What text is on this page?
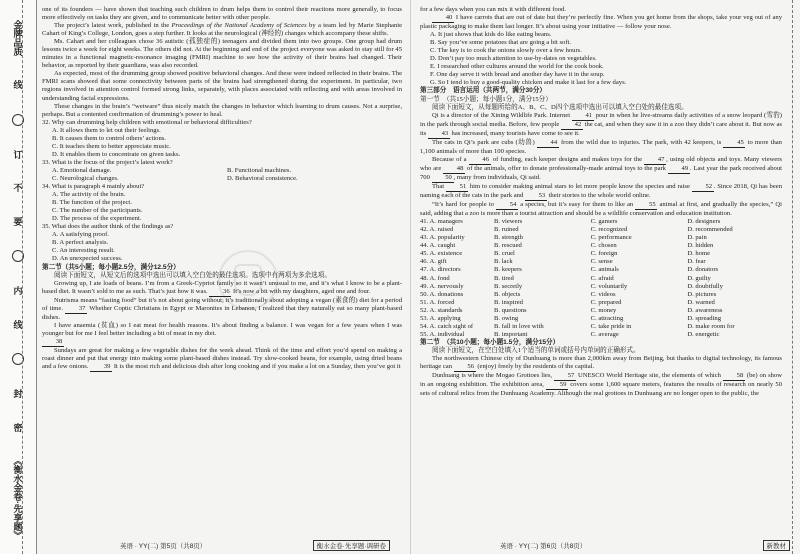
金牌品质
线
订
不
要
内
线
封
密
《衡水金卷·先享题》

one of its founders — have shown that teaching such children to drum helps them to control their reactions more generally, to focus more effectively on tasks they are given, and to communicate better with other people.

The project’s latest work, published in the Proceedings of the National Academy of Sciences by a team led by Marie Stephanie Cahart of King’s College, London, goes a step further. It looks at the neurological (神经的) changes which accompany these shifts.

Ms. Cahart and her colleagues chose 36 autistic (孤独症的) teenagers and divided them into two groups. One group had drum lessons twice a week for eight weeks. The others did not. At the beginning and end of the project everyone was asked to stay still for 45 minutes in a functional magnetic-resonance imaging (FMRI) machine to see how the activity of their brains had changed. Their behavior, as reported by their guardians, was also recorded.

As expected, most of the drumming group showed positive behavioral changes. And these were indeed reflected in their brains. The FMRI scans showed that some connectivity between parts of the brains had strengthened during the experiment. In particular, two regions involved in attention control formed strong links, separately, with places associated with reflecting and with areas involved in understanding facial expressions.

These changes in the brain’s “wetware” thus nicely match the changes in behavior which learning to drum causes. Not a surprise, perhaps. But a contented confirmation of drumming’s power to heal.

32. Why can drumming help children with emotional or behavioral difficulties?

A. It allows them to let out their feelings.

B. It causes them to control others’ actions.

C. It teaches them to better appreciate music.

D. It enables them to concentrate on given tasks.

33. What is the focus of the project’s latest work?

A. Emotional damage.	B. Functional machines.
C. Neurological changes.	D. Behavioral consistence.

34. What is paragraph 4 mainly about?

A. The activity of the brain.

B. The function of the project.

C. The number of the participants.

D. The process of the experiment.

35. What does the author think of the findings as?

A. A satisfying proof.

B. A perfect analysis.

C. An interesting result.

D. An unexpected success.

第二节（共5小题；每小题2.5分，满分12.5分）

阅读下面短文，从短文后的选项中选出可以填入空白处的最佳选项。选项中有两项为多余选项。

Growing up, I ate loads of beans. I’m from a Greek-Cypriot family so it wasn’t unusual to me, and it’s what I know to be a plant-based diet. It wasn’t sold to me as such. That’s just how it was. 36 It’s now a bit with my daughters, aged one and four.

Nutrisma means “fasting food” but it’s not about going without; it’s traditionally about adopting a vegan (素食的) diet for a period of time. 37 Whether Coptic Christians in Egypt or Maronites in Lebanon, I realized that they naturally eat so many plant-based dishes.

I have anaemia (贫血) so I eat meat for health reasons. It’s about finding a balance. I was vegan for a few years when I was younger but for me I feel better including a bit of meat in my diet.
38

Sundays are great for making a few vegetable dishes for the week ahead. Think of the time and effort you’d spend on making a roast dinner and put that energy into making some plant-based dishes instead. Try slow-cooked beans, for example, using dried beans and a few onions. 39 It is the most rich and delicious dish after long cooking and if you make a lot on a Sunday, then you’ve got it

for a few days when you can mix it with different food.

40 I have carrots that are out of date but they’re perfectly fine. When you get home from the shops, take your veg out of any plastic packaging to make them last longer. It’s about using your initiative — follow your nose.

A. It just shows that kids do like eating beans.

B. Say you’ve some potatoes that are going a bit soft.

C. The key is to cook the onions slowly over a few hours.

D. Don’t pay too much attention to use-by-dates on vegetables.

E. I researched other cultures around the world for the cook book.

F. One day serve it with bread and another day have it in the soup.

G. So I tend to buy a good-quality chicken and make it last for a few days.

第三部分　语言运用（共两节，满分30分）

第一节　（共15小题；每小题1分，满分15分）

阅读下面短文，从每题所给的A、B、C、D四个选项中选出可以填入空白处的最佳选项。

Qi is a director of the Xining Wildlife Park. Internet 41 pour in when he live-streams daily activities of a snow leopard (雪豹) in the park through social media. Before, few people 42 the cat, and when they saw it in a zoo they didn’t care about it. But now as its 43 has increased, many tourists have come to see it.

The cats in Qi’s park are cubs (幼兽) 44 from the wild due to injuries. The park, with 42 keepers, is 45 to more than 1,100 animals of more than 100 species.

Because of a 46 of funding, each keeper designs and makes toys for the 47 , using old objects and toys. Many viewers who are 48 of the animals, offer to donate professionally-made animal toys to the park 49 . Last year the park received about 700 50 , many from individuals, Qi said.

That 51 him to consider making animal stars to let more people know the species and raise 52 . Since 2018, Qi has been naming each of the cats in the park and 53 their stories to the whole world online.

“It’s hard for people to 54 a species, but it’s easy for them to like an 55 animal at first, and gradually the species,” Qi said, adding that a zoo is more than a tourist attraction and should be a wildlife conservation and education institution.

41. A. managers	B. viewers	C. gamers	D. designers
42. A. raised	B. ruined	C. recognized	D. recommended
43. A. popularity	B. strength	C. performance	D. pain
44. A. caught	B. rescued	C. chosen	D. hidden
45. A. existence	B. cruel	C. foreign	D. home
46. A. gift	B. lack	C. sense	D. fear
47. A. directors	B. keepers	C. animals	D. donators
48. A. fond	B. tired	C. afraid	D. guilty
49. A. nervously	B. secretly	C. voluntarily	D. doubtfully
50. A. donations	B. objects	C. videos	D. pictures
51. A. forced	B. inspired	C. prepared	D. warned
52. A. standards	B. questions	C. money	D. awareness
53. A. applying	B. owing	C. attracting	D. spreading
54. A. catch sight of	B. fall in love with	C. take pride in	D. make room for
55. A. individual	B. important	C. average	D. energetic

第二节　（共10小题；每小题1.5分，满分15分）

阅读下面短文，在空白处填入1个适当的单词或括号内单词的正确形式。

The northwestern Chinese city of Dunhuang is more than 2,000km away from Beijing, but thanks to digital technology, its famous heritage can 56 (enjoy) freely by the residents of the capital.

Dunhuang is where the Mogao Grottoes lies, 57 UNESCO World Heritage site, the elements of which 58 (be) on show in an ongoing exhibition. The exhibition area, 59 covers some 1,600 square meters, features the results of research on nearly 50 sets of cultural relics from the Dunhuang Academy. Although the real grottoes in Dunhuang are no longer open to the public, the

英语 · YY(二) 第5页（共8页）	衡水金卷·先享题·调研卷	英语 · YY(二) 第6页（共8页）	新教材
